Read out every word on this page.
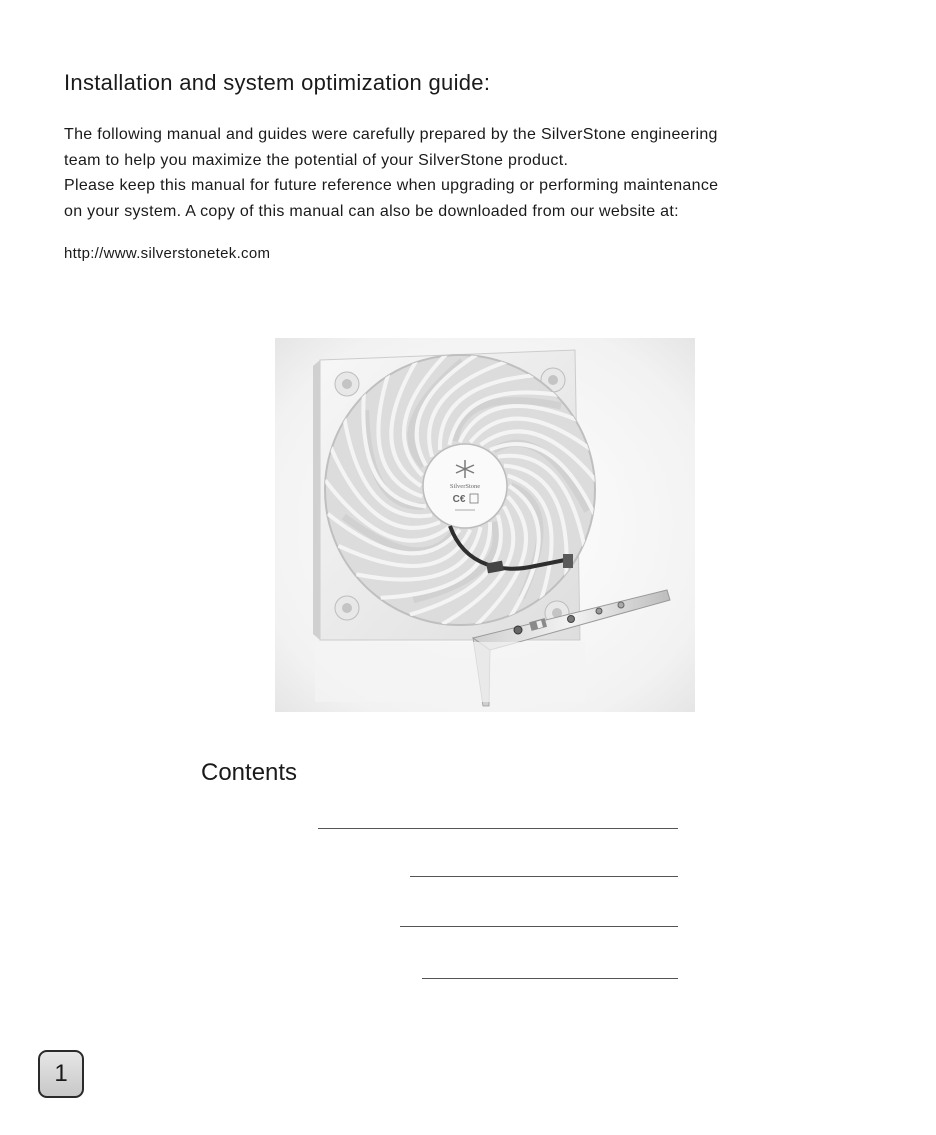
Installation and system optimization guide:

The following manual and guides were carefully prepared by the SilverStone engineering

team to help you maximize the potential of your SilverStone product.

Please keep this manual for future reference when upgrading or performing maintenance

on your system. A copy of this manual can also be downloaded from our website at:

http://www.silverstonetek.com
SilverStone
C€
Contents
1
